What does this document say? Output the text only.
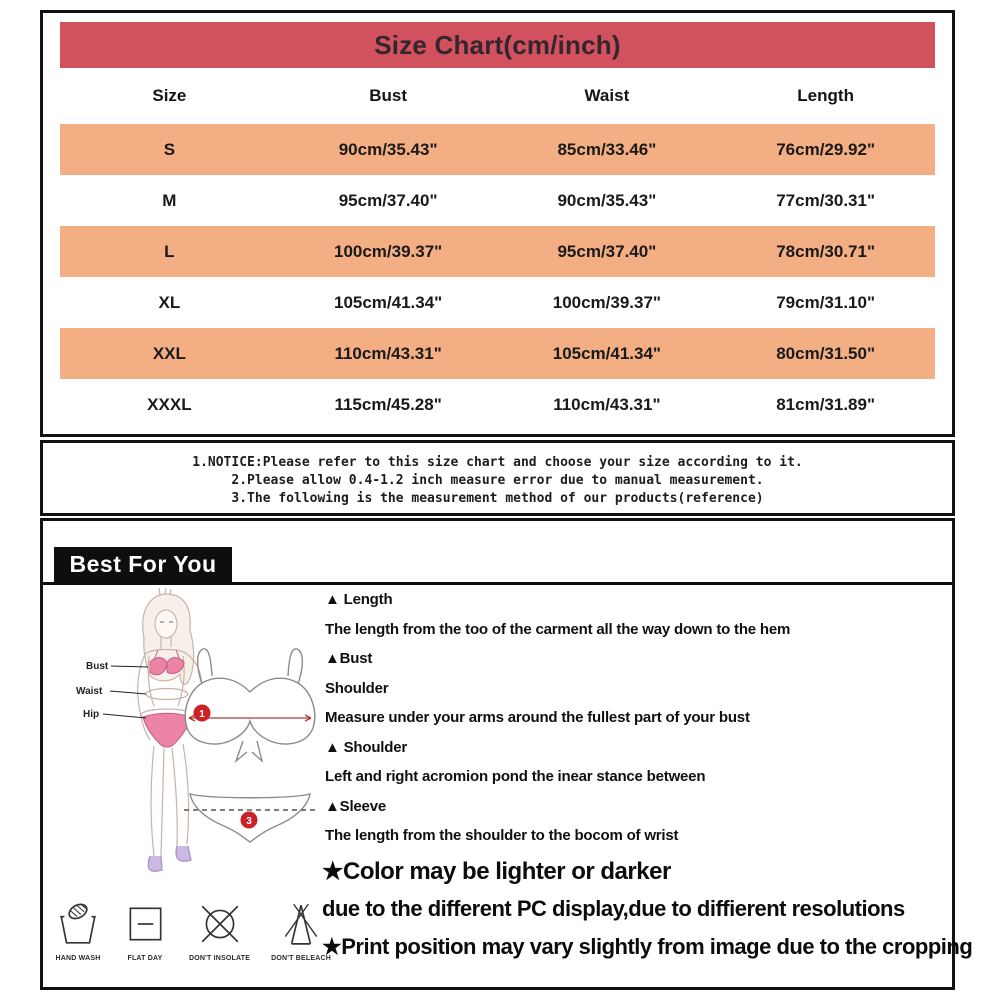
Size Chart(cm/inch)
Size	Bust	Waist	Length
S	90cm/35.43"	85cm/33.46"	76cm/29.92"
M	95cm/37.40"	90cm/35.43"	77cm/30.31"
L	100cm/39.37"	95cm/37.40"	78cm/30.71"
XL	105cm/41.34"	100cm/39.37"	79cm/31.10"
XXL	110cm/43.31"	105cm/41.34"	80cm/31.50"
XXXL	115cm/45.28"	110cm/43.31"	81cm/31.89"
1.NOTICE:Please refer to this size chart and choose your size according to it.
2.Please allow 0.4-1.2 inch measure error due to manual measurement.
3.The following is the measurement method of our products(reference)
Best For You
Bust
Waist
Hip	1
3
▲ Length
The length from the too of the carment all the way down to the hem
▲Bust
Shoulder
Measure under your arms around the fullest part of your bust
▲ Shoulder
Left and right acromion pond the inear stance between
▲Sleeve
The length from the shoulder to the bocom of wrist
★Color may be lighter or darker
due to the different PC display,due to diffierent resolutions
★Print position may vary slightly from image due to the cropping
HAND WASH	FLAT DAY	DON'T INSOLATE	DON'T BELEACH
